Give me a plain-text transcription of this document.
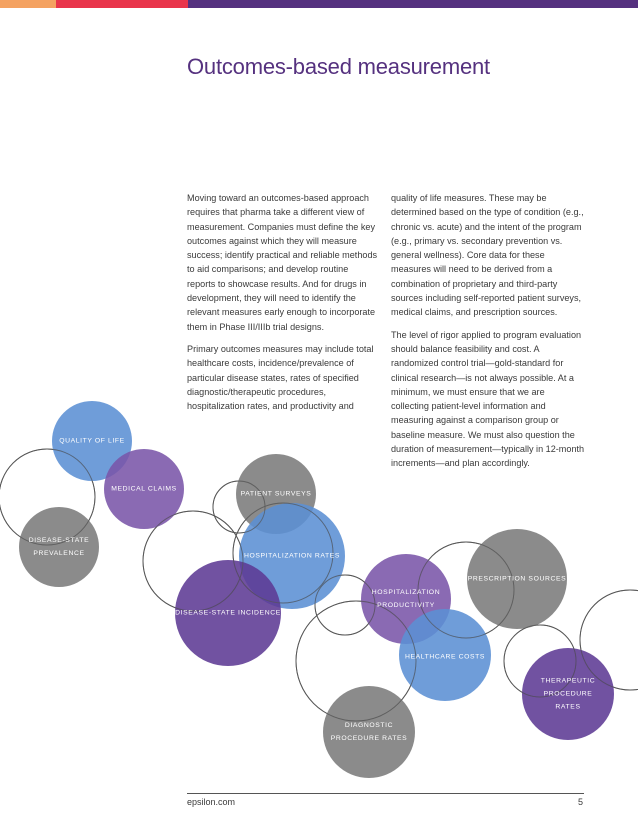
Outcomes-based measurement

Moving toward an outcomes-based approach requires that pharma take a different view of measurement. Companies must define the key outcomes against which they will measure success; identify practical and reliable methods to aid comparisons; and develop routine reports to showcase results. And for drugs in development, they will need to identify the relevant measures early enough to incorporate them in Phase III/IIIb trial designs.

Primary outcomes measures may include total healthcare costs, incidence/prevalence of particular disease states, rates of specified diagnostic/therapeutic procedures, hospitalization rates, and productivity and

quality of life measures. These may be determined based on the type of condition (e.g., chronic vs. acute) and the intent of the program (e.g., primary vs. secondary prevention vs. general wellness). Core data for these measures will need to be derived from a combination of proprietary and third-party sources including self-reported patient surveys, medical claims, and prescription sources.

The level of rigor applied to program evaluation should balance feasibility and cost. A randomized control trial—gold-standard for clinical research—is not always possible. At a minimum, we must ensure that we are collecting patient-level information and measuring against a comparison group or baseline measure. We must also question the duration of measurement—typically in 12-month increments—and plan accordingly.

QUALITY OF LIFE
MEDICAL CLAIMS
DISEASE-STATE
PREVALENCE
PATIENT SURVEYS
HOSPITALIZATION RATES
DISEASE-STATE INCIDENCE
HOSPITALIZATION
PRODUCTIVITY
PRESCRIPTION SOURCES
HEALTHCARE COSTS
THERAPEUTIC
PROCEDURE RATES
DIAGNOSTIC
PROCEDURE RATES
epsilon.com	5
